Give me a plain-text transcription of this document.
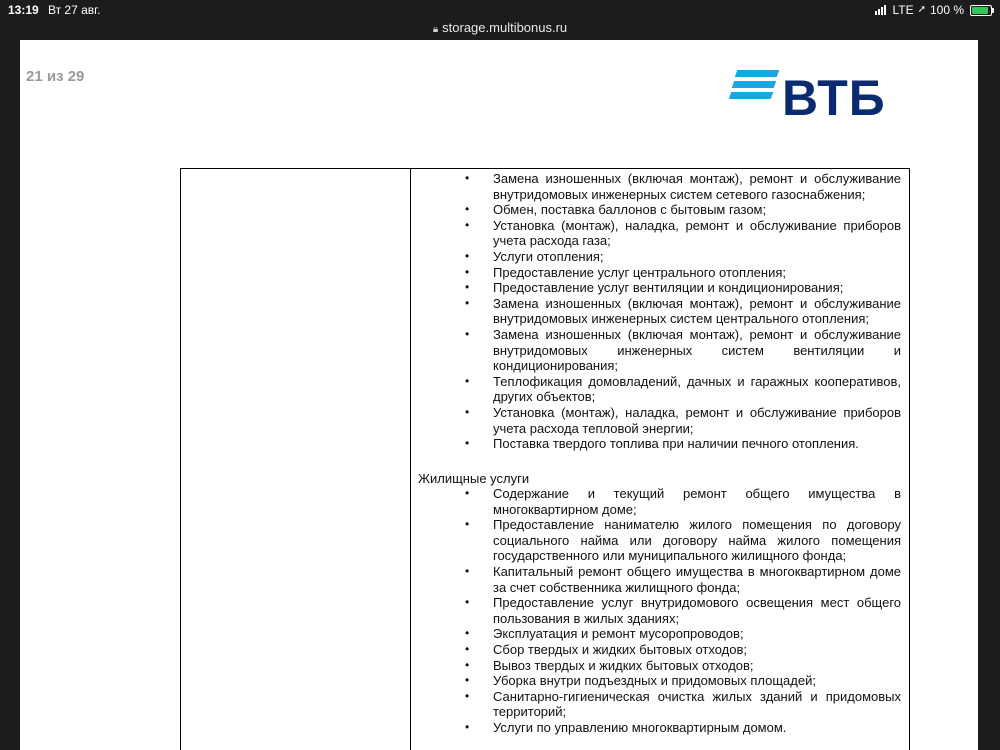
13:19 Вт 27 авг.	LTE ➚ 100 %
🔒︎ storage.multibonus.ru
21 из 29	ВТБ
• Замена изношенных (включая монтаж), ремонт и обслуживание внутридомовых инженерных систем сетевого газоснабжения;
• Обмен, поставка баллонов с бытовым газом;
• Установка (монтаж), наладка, ремонт и обслуживание приборов учета расхода газа;
• Услуги отопления;
• Предоставление услуг центрального отопления;
• Предоставление услуг вентиляции и кондиционирования;
• Замена изношенных (включая монтаж), ремонт и обслуживание внутридомовых инженерных систем центрального отопления;
• Замена изношенных (включая монтаж), ремонт и обслуживание внутридомовых инженерных систем вентиляции и кондиционирования;
• Теплофикация домовладений, дачных и гаражных кооперативов, других объектов;
• Установка (монтаж), наладка, ремонт и обслуживание приборов учета расхода тепловой энергии;
• Поставка твердого топлива при наличии печного отопления.
Жилищные услуги
• Содержание и текущий ремонт общего имущества в многоквартирном доме;
• Предоставление нанимателю жилого помещения по договору социального найма или договору найма жилого помещения государственного или муниципального жилищного фонда;
• Капитальный ремонт общего имущества в многоквартирном доме за счет собственника жилищного фонда;
• Предоставление услуг внутридомового освещения мест общего пользования в жилых зданиях;
• Эксплуатация и ремонт мусоропроводов;
• Сбор твердых и жидких бытовых отходов;
• Вывоз твердых и жидких бытовых отходов;
• Уборка внутри подъездных и придомовых площадей;
• Санитарно-гигиеническая очистка жилых зданий и придомовых территорий;
• Услуги по управлению многоквартирным домом.
